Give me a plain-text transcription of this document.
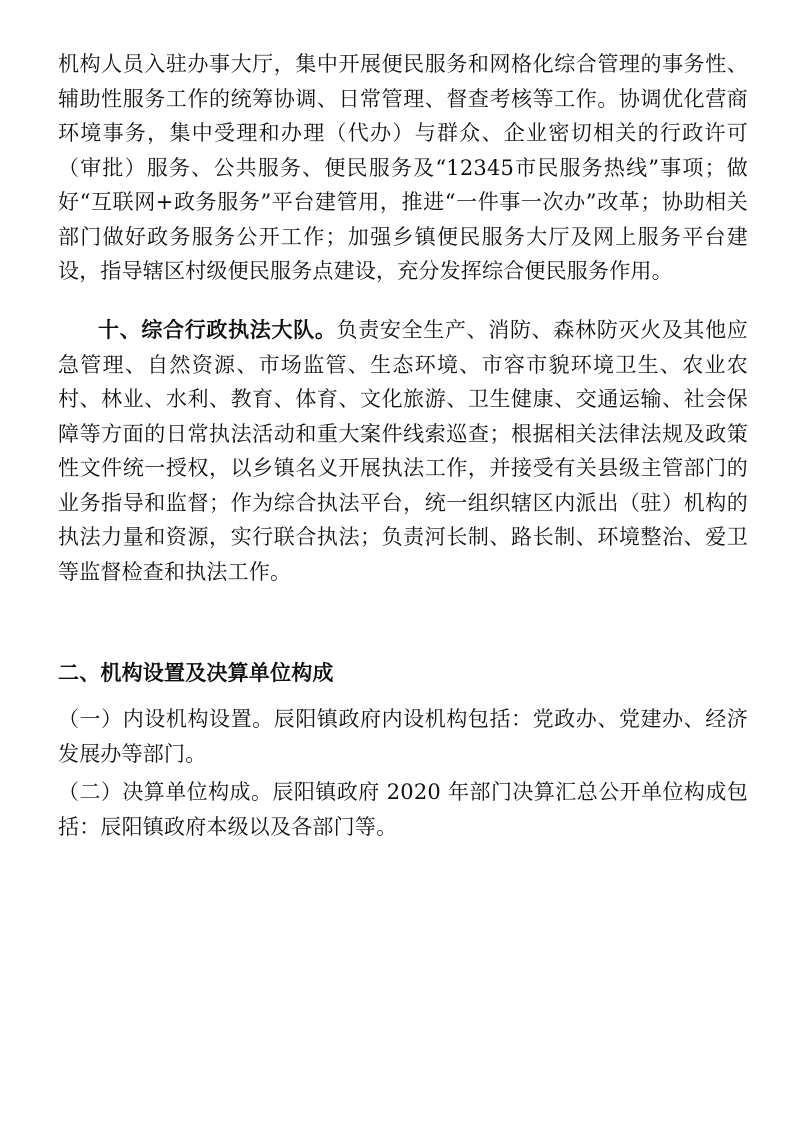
机构人员入驻办事大厅，集中开展便民服务和网格化综合管理的事务性、辅助性服务工作的统筹协调、日常管理、督查考核等工作。协调优化营商环境事务，集中受理和办理（代办）与群众、企业密切相关的行政许可（审批）服务、公共服务、便民服务及“12345市民服务热线”事项；做好“互联网+政务服务”平台建管用，推进“一件事一次办”改革；协助相关部门做好政务服务公开工作；加强乡镇便民服务大厅及网上服务平台建设，指导辖区村级便民服务点建设，充分发挥综合便民服务作用。

十、综合行政执法大队。负责安全生产、消防、森林防灭火及其他应急管理、自然资源、市场监管、生态环境、市容市貌环境卫生、农业农村、林业、水利、教育、体育、文化旅游、卫生健康、交通运输、社会保障等方面的日常执法活动和重大案件线索巡查；根据相关法律法规及政策性文件统一授权，以乡镇名义开展执法工作，并接受有关县级主管部门的业务指导和监督；作为综合执法平台，统一组织辖区内派出（驻）机构的执法力量和资源，实行联合执法；负责河长制、路长制、环境整治、爱卫等监督检查和执法工作。

二、机构设置及决算单位构成

（一）内设机构设置。辰阳镇政府内设机构包括：党政办、党建办、经济发展办等部门。

（二）决算单位构成。辰阳镇政府 2020 年部门决算汇总公开单位构成包括：辰阳镇政府本级以及各部门等。
